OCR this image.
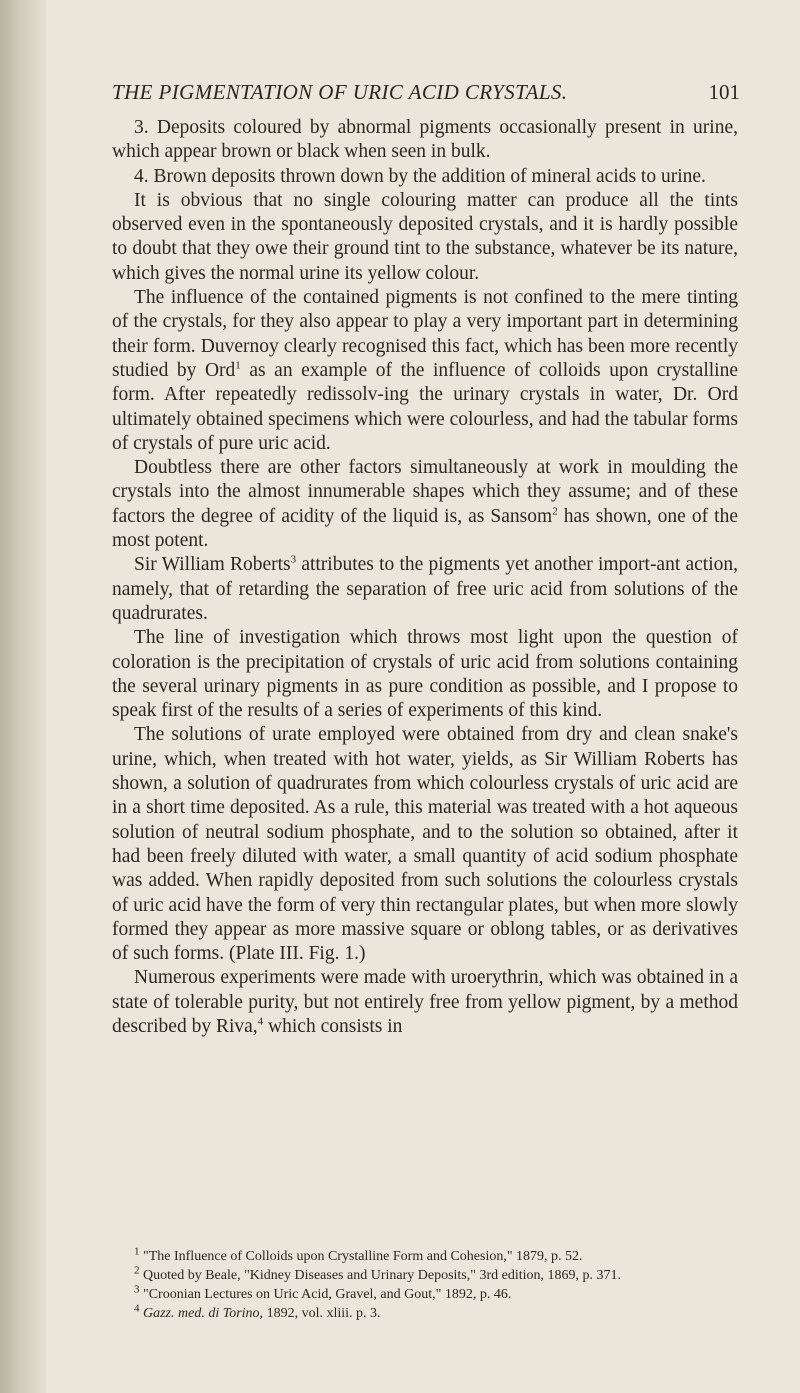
THE PIGMENTATION OF URIC ACID CRYSTALS.	101

3. Deposits coloured by abnormal pigments occasionally present in urine, which appear brown or black when seen in bulk.

4. Brown deposits thrown down by the addition of mineral acids to urine.

It is obvious that no single colouring matter can produce all the tints observed even in the spontaneously deposited crystals, and it is hardly possible to doubt that they owe their ground tint to the substance, whatever be its nature, which gives the normal urine its yellow colour.

The influence of the contained pigments is not confined to the mere tinting of the crystals, for they also appear to play a very important part in determining their form. Duvernoy clearly recognised this fact, which has been more recently studied by Ord$^1$ as an example of the influence of colloids upon crystalline form. After repeatedly redissolv-ing the urinary crystals in water, Dr. Ord ultimately obtained specimens which were colourless, and had the tabular forms of crystals of pure uric acid.

Doubtless there are other factors simultaneously at work in moulding the crystals into the almost innumerable shapes which they assume; and of these factors the degree of acidity of the liquid is, as Sansom$^2$ has shown, one of the most potent.

Sir William Roberts$^3$ attributes to the pigments yet another import-ant action, namely, that of retarding the separation of free uric acid from solutions of the quadrurates.

The line of investigation which throws most light upon the question of coloration is the precipitation of crystals of uric acid from solutions containing the several urinary pigments in as pure condition as possible, and I propose to speak first of the results of a series of experiments of this kind.

The solutions of urate employed were obtained from dry and clean snake's urine, which, when treated with hot water, yields, as Sir William Roberts has shown, a solution of quadrurates from which colourless crystals of uric acid are in a short time deposited. As a rule, this material was treated with a hot aqueous solution of neutral sodium phosphate, and to the solution so obtained, after it had been freely diluted with water, a small quantity of acid sodium phosphate was added. When rapidly deposited from such solutions the colourless crystals of uric acid have the form of very thin rectangular plates, but when more slowly formed they appear as more massive square or oblong tables, or as derivatives of such forms. (Plate III. Fig. 1.)

Numerous experiments were made with uroerythrin, which was obtained in a state of tolerable purity, but not entirely free from yellow pigment, by a method described by Riva,$^4$ which consists in

$^1$ "The Influence of Colloids upon Crystalline Form and Cohesion," 1879, p. 52.

$^2$ Quoted by Beale, "Kidney Diseases and Urinary Deposits," 3rd edition, 1869, p. 371.

$^3$ "Croonian Lectures on Uric Acid, Gravel, and Gout," 1892, p. 46.

$^4$ Gazz. med. di Torino, 1892, vol. xliii. p. 3.
